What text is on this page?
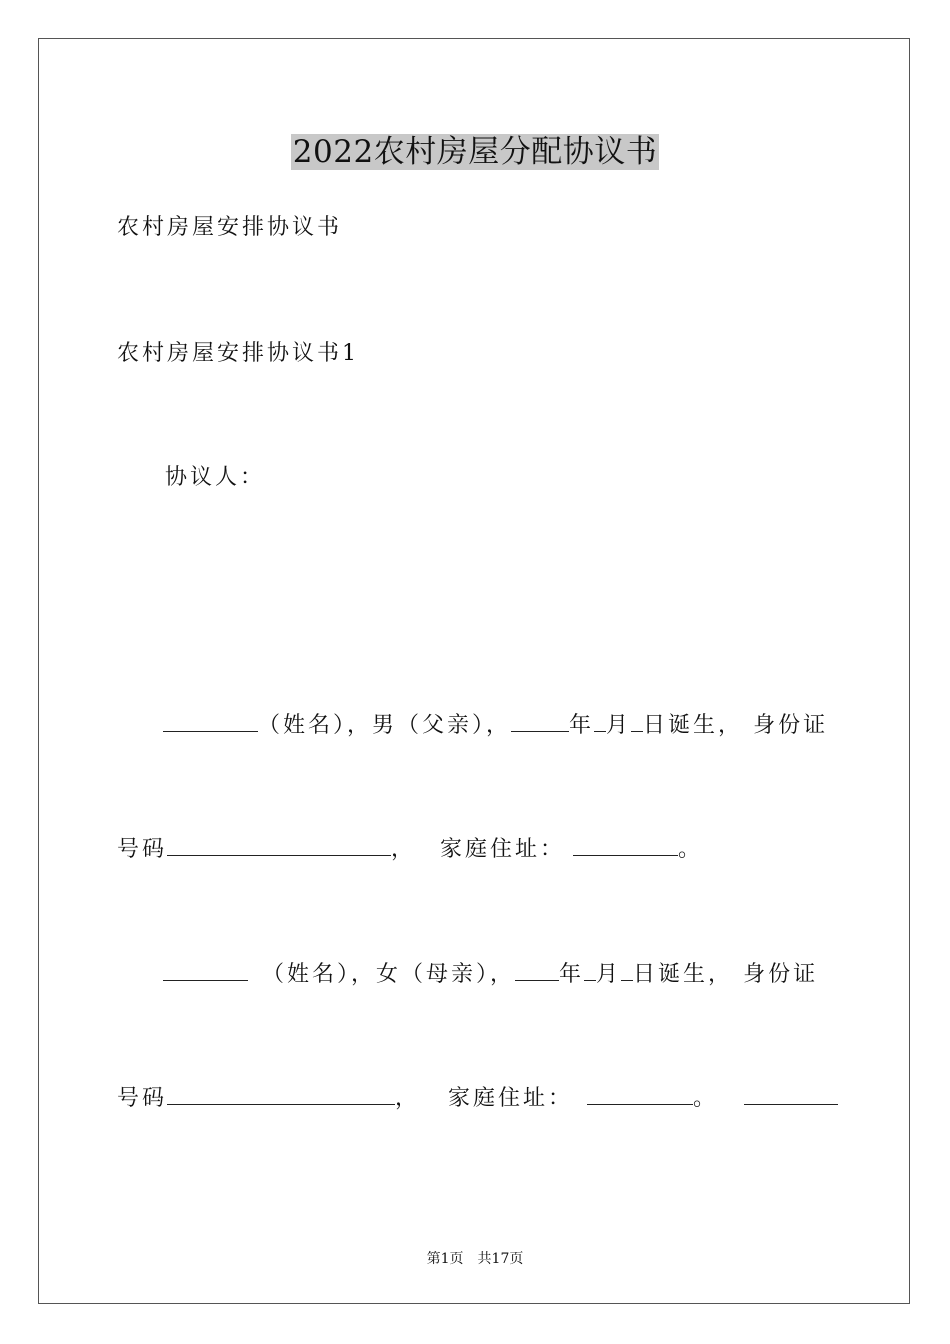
2022农村房屋分配协议书
农村房屋安排协议书
农村房屋安排协议书1
协议人：
（姓名），男（父亲），	年 月 日诞生， 身份证
号码	， 家庭住址：	。
（姓名），女（母亲）， 年 月 日诞生， 身份证
号码	， 家庭住址：	。
第1页　共17页
